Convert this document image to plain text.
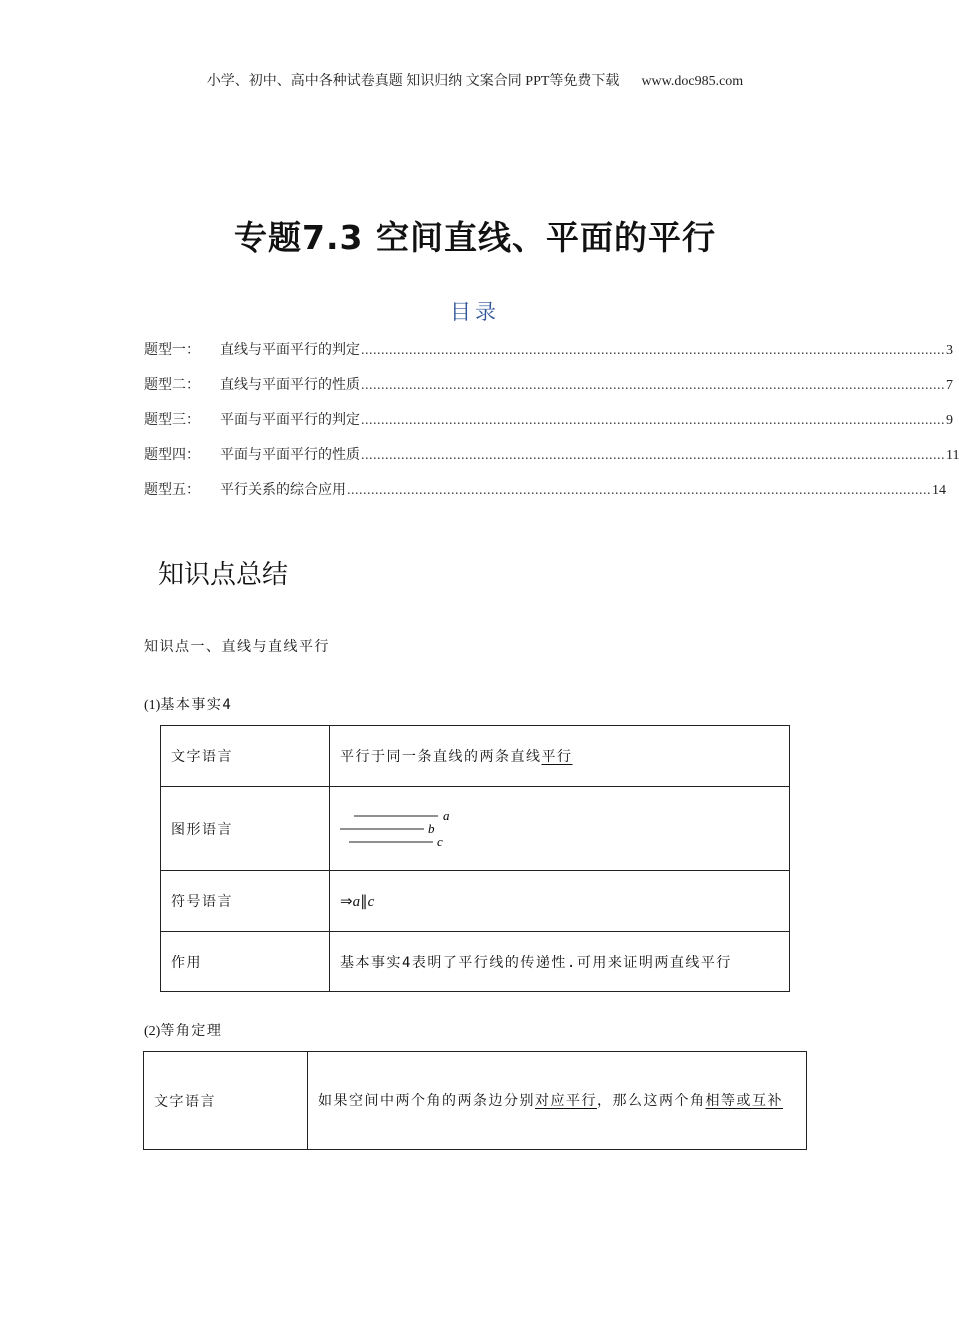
小学、初中、高中各种试卷真题 知识归纳 文案合同 PPT等免费下载 www.doc985.com
专题7.3 空间直线、平面的平行
目录
题型一：	直线与平面平行的判定 .................................................................................................................................................. 3
题型二：	直线与平面平行的性质 .................................................................................................................................................. 7
题型三：	平面与平面平行的判定 .................................................................................................................................................. 9
题型四：	平面与平面平行的性质 .................................................................................................................................................. 11
题型五：	平行关系的综合应用 .................................................................................................................................................. 14
知识点总结
知识点一、直线与直线平行
(1)基本事实4
文字语言	平行于同一条直线的两条直线平行
图形语言	a
b
c

符号语言	⇒a∥c
作用	基本事实4表明了平行线的传递性.可用来证明两直线平行
(2)等角定理
文字语言	如果空间中两个角的两条边分别对应平行，那么这两个角相等或互补
